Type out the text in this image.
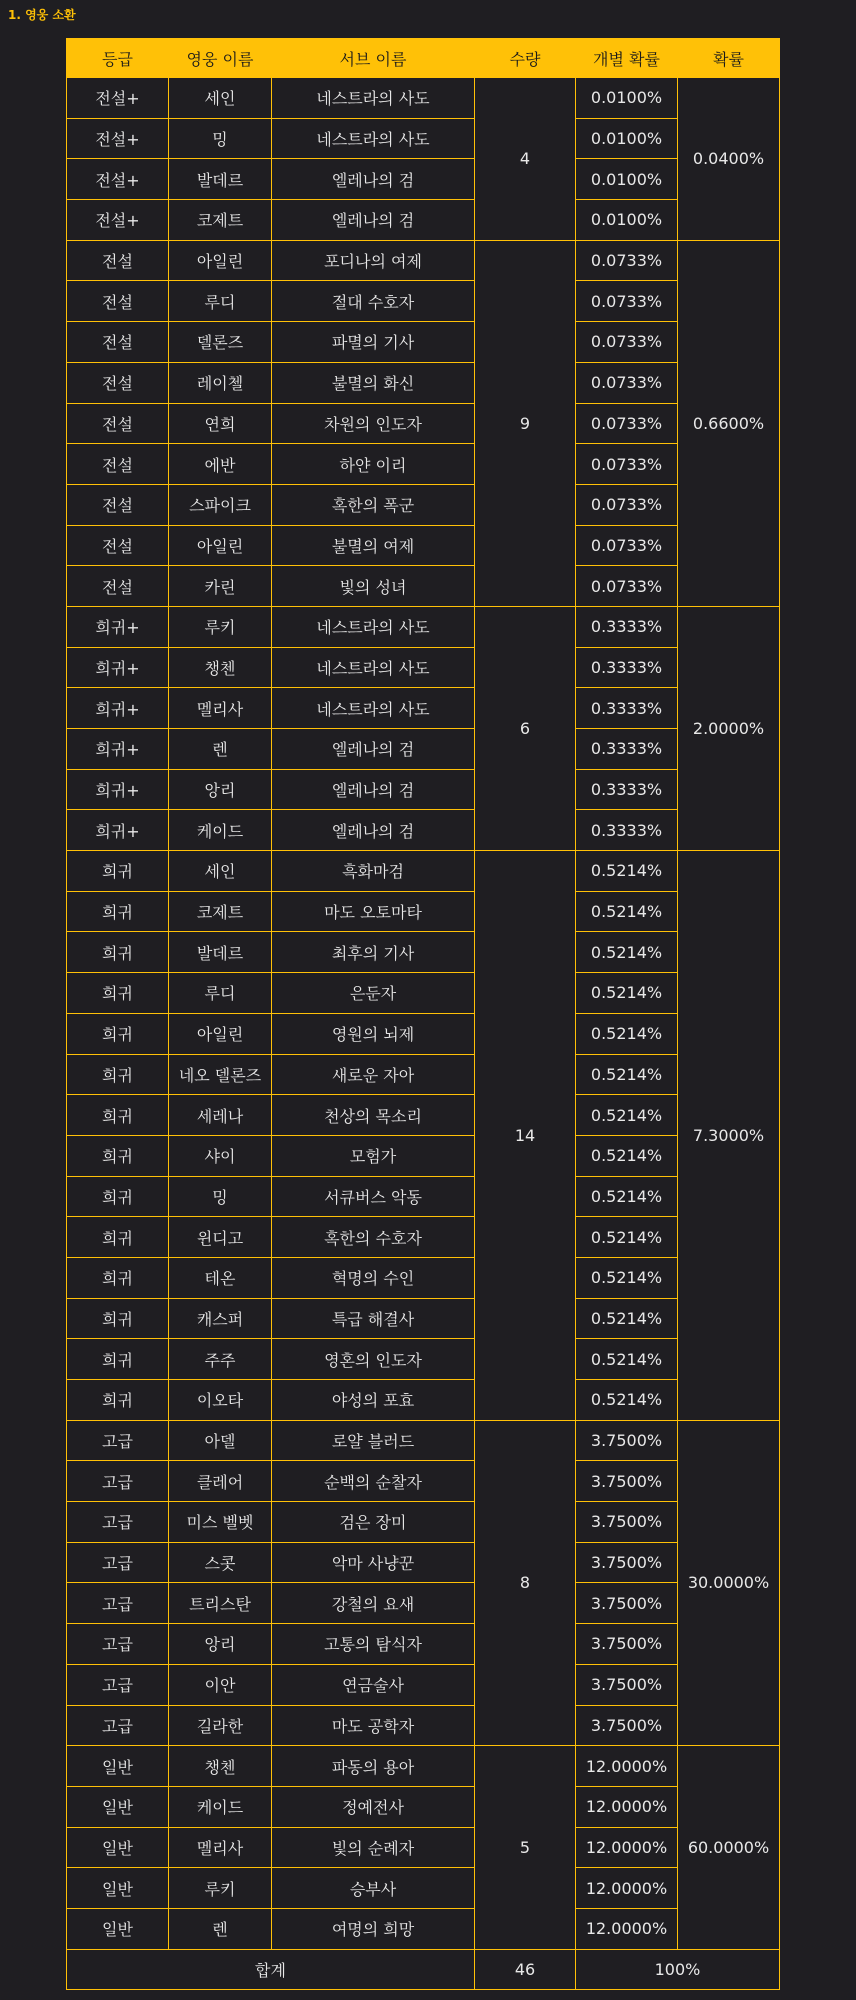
1. 영웅 소환
등급	영웅 이름	서브 이름	수량	개별 확률	확률
전설+	세인	네스트라의 사도	4	0.0100%	0.0400%
전설+	밍	네스트라의 사도		0.0100%	
전설+	발데르	엘레나의 검		0.0100%	
전설+	코제트	엘레나의 검		0.0100%	
전설	아일린	포디나의 여제	9	0.0733%	0.6600%
전설	루디	절대 수호자		0.0733%	
전설	델론즈	파멸의 기사		0.0733%	
전설	레이첼	불멸의 화신		0.0733%	
전설	연희	차원의 인도자		0.0733%	
전설	에반	하얀 이리		0.0733%	
전설	스파이크	혹한의 폭군		0.0733%	
전설	아일린	불멸의 여제		0.0733%	
전설	카린	빛의 성녀		0.0733%	
희귀+	루키	네스트라의 사도	6	0.3333%	2.0000%
희귀+	챙첸	네스트라의 사도		0.3333%	
희귀+	멜리사	네스트라의 사도		0.3333%	
희귀+	렌	엘레나의 검		0.3333%	
희귀+	앙리	엘레나의 검		0.3333%	
희귀+	케이드	엘레나의 검		0.3333%	
희귀	세인	흑화마검	14	0.5214%	7.3000%
희귀	코제트	마도 오토마타		0.5214%	
희귀	발데르	최후의 기사		0.5214%	
희귀	루디	은둔자		0.5214%	
희귀	아일린	영원의 뇌제		0.5214%	
희귀	네오 델론즈	새로운 자아		0.5214%	
희귀	세레나	천상의 목소리		0.5214%	
희귀	샤이	모험가		0.5214%	
희귀	밍	서큐버스 악동		0.5214%	
희귀	윈디고	혹한의 수호자		0.5214%	
희귀	테온	혁명의 수인		0.5214%	
희귀	캐스퍼	특급 해결사		0.5214%	
희귀	주주	영혼의 인도자		0.5214%	
희귀	이오타	야성의 포효		0.5214%	
고급	아델	로얄 블러드	8	3.7500%	30.0000%
고급	클레어	순백의 순찰자		3.7500%	
고급	미스 벨벳	검은 장미		3.7500%	
고급	스콧	악마 사냥꾼		3.7500%	
고급	트리스탄	강철의 요새		3.7500%	
고급	앙리	고통의 탐식자		3.7500%	
고급	이안	연금술사		3.7500%	
고급	길라한	마도 공학자		3.7500%	
일반	챙첸	파동의 용아	5	12.0000%	60.0000%
일반	케이드	정예전사		12.0000%	
일반	멜리사	빛의 순례자		12.0000%	
일반	루키	승부사		12.0000%	
일반	렌	여명의 희망		12.0000%	
합계			46	100%	
